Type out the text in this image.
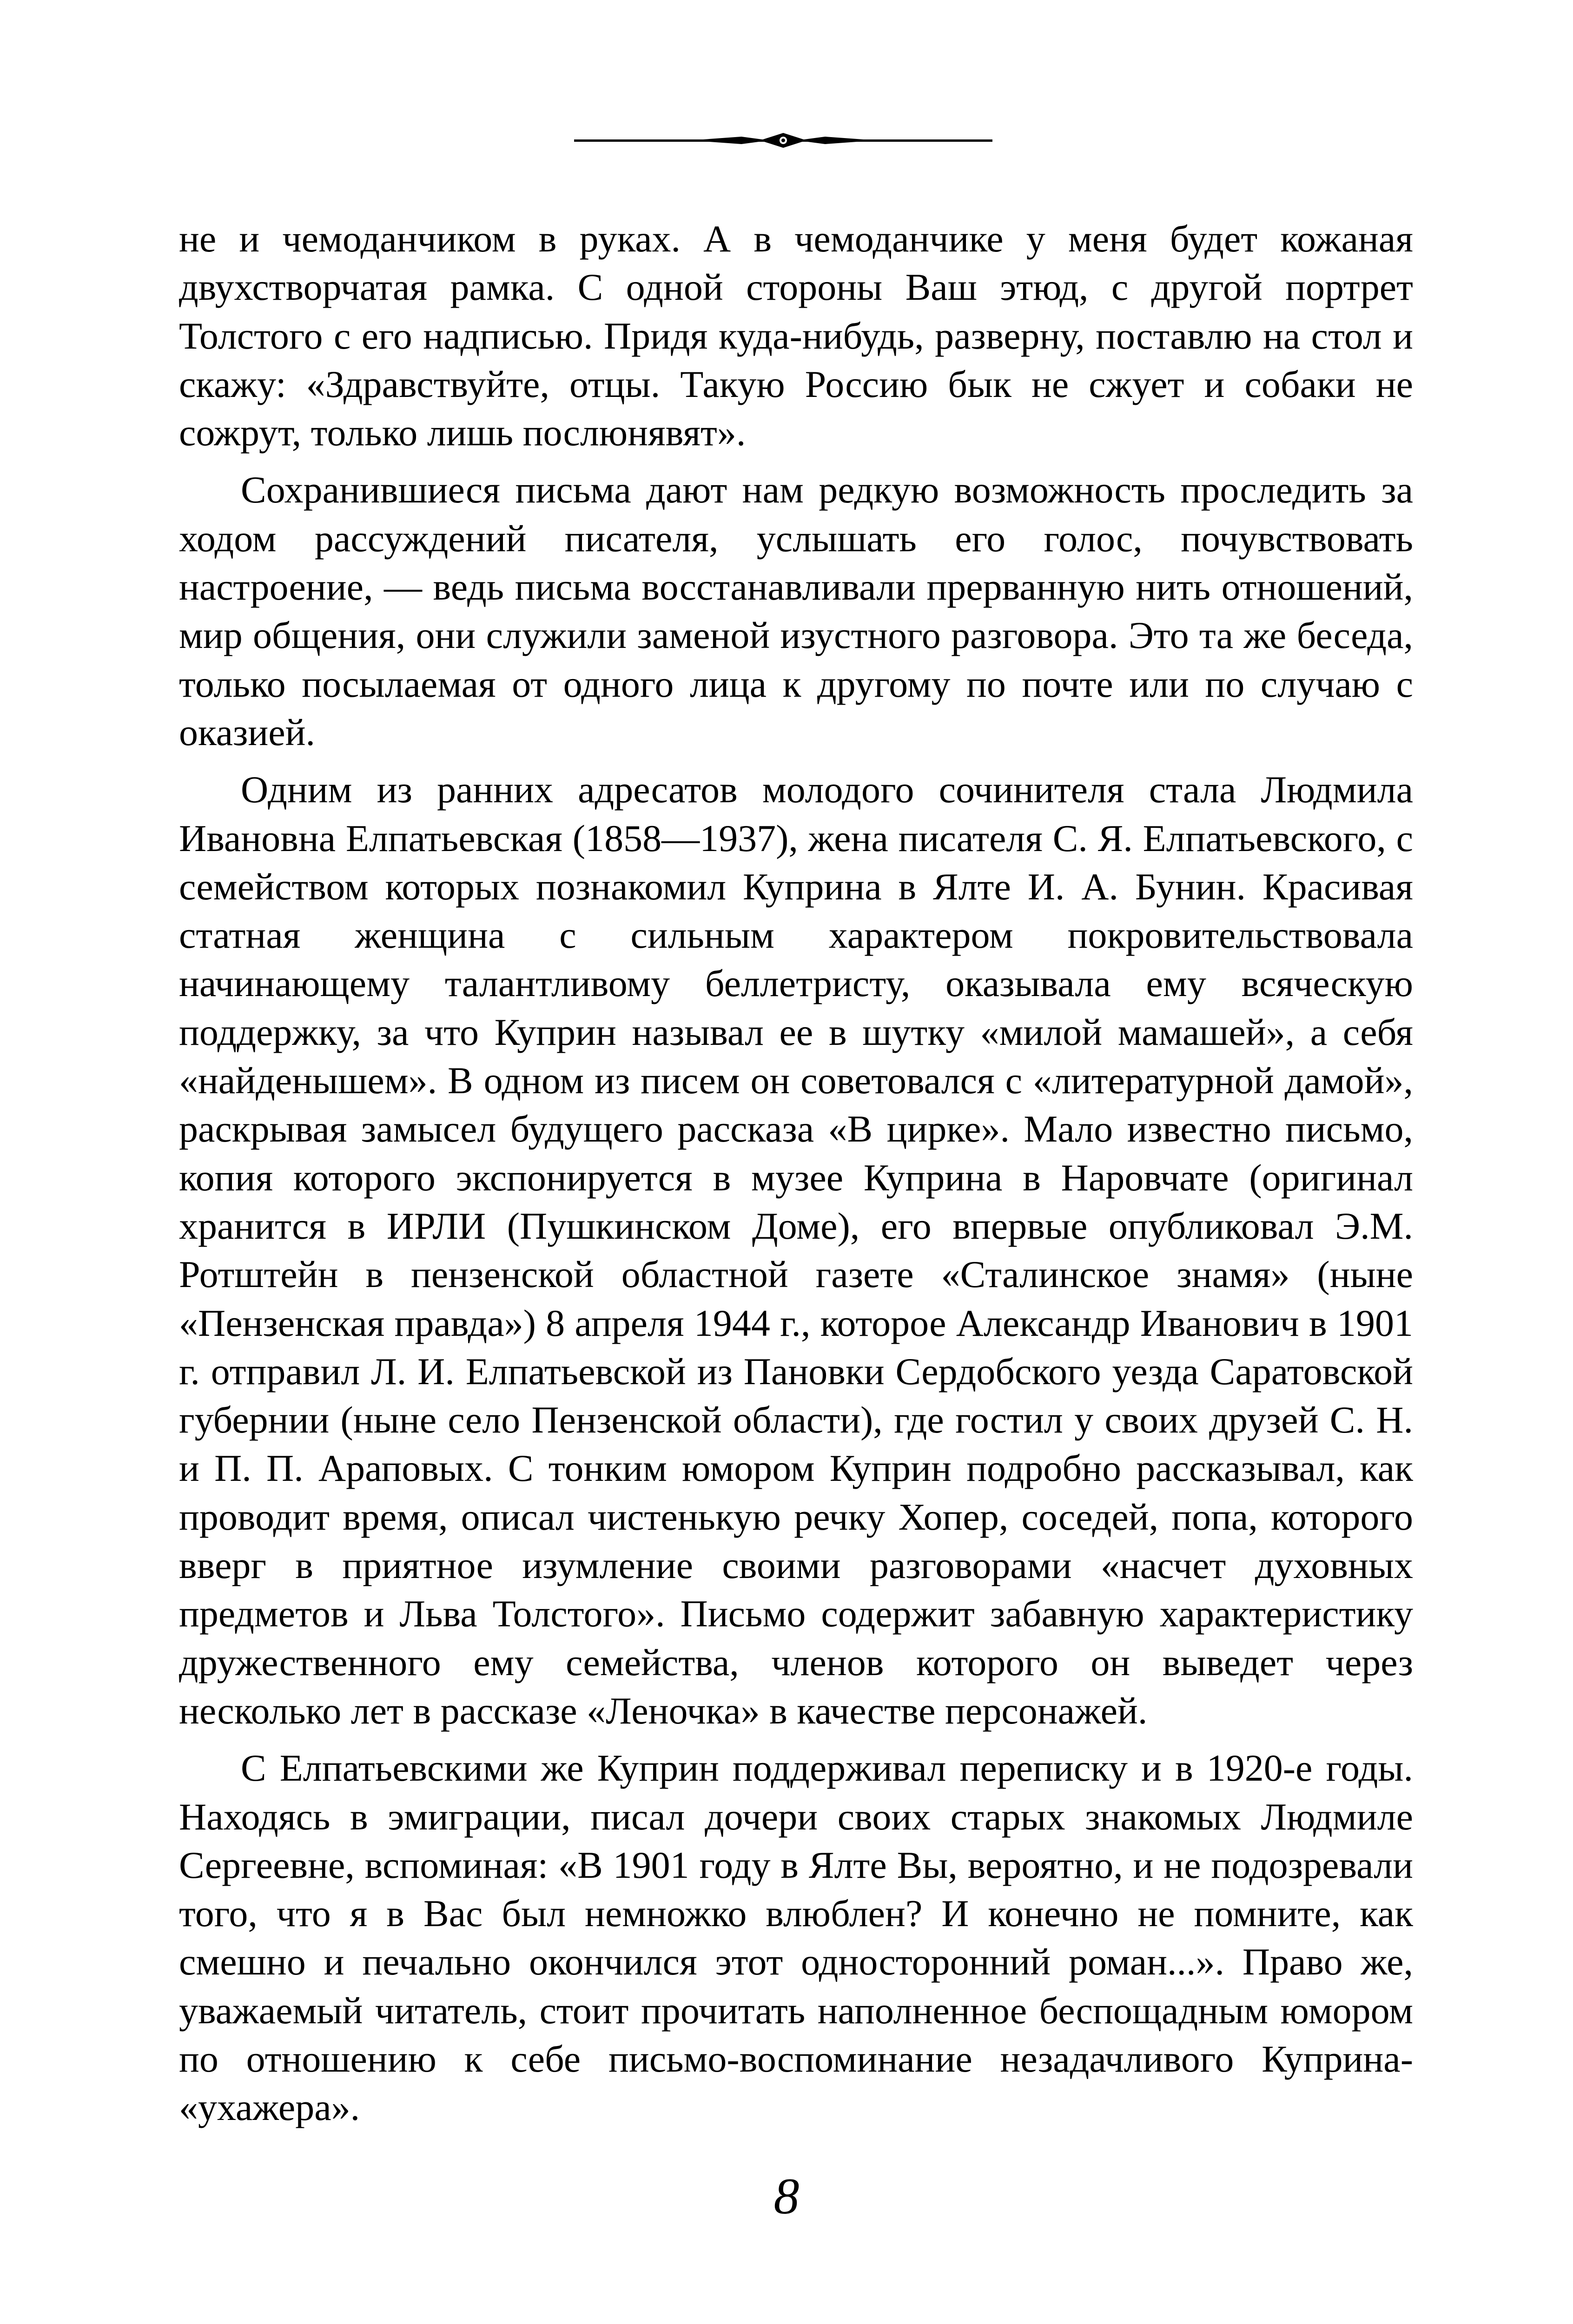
не и чемоданчиком в руках. А в чемоданчике у меня будет кожаная двухстворчатая рамка. С одной стороны Ваш этюд, с другой портрет Толстого с его надписью. Придя куда-нибудь, разверну, поставлю на стол и скажу: «Здравствуйте, отцы. Такую Россию бык не сжует и собаки не сожрут, только лишь послюнявят».

Сохранившиеся письма дают нам редкую возможность проследить за ходом рассуждений писателя, услышать его голос, почувствовать настроение, — ведь письма восстанавливали прерванную нить отношений, мир общения, они служили заменой изустного разговора. Это та же беседа, только посылаемая от одного лица к другому по почте или по случаю с оказией.

Одним из ранних адресатов молодого сочинителя стала Людмила Ивановна Елпатьевская (1858—1937), жена писателя С. Я. Елпатьевского, с семейством которых познакомил Куприна в Ялте И. А. Бунин. Красивая статная женщина с сильным характером покровительствовала начинающему талантливому беллетристу, оказывала ему всяческую поддержку, за что Куприн называл ее в шутку «милой мамашей», а себя «найденышем». В одном из писем он советовался с «литературной дамой», раскрывая замысел будущего рассказа «В цирке». Мало известно письмо, копия которого экспонируется в музее Куприна в Наровчате (оригинал хранится в ИРЛИ (Пушкинском Доме), его впервые опубликовал Э.М. Ротштейн в пензенской областной газете «Сталинское знамя» (ныне «Пензенская правда») 8 апреля 1944 г., которое Александр Иванович в 1901 г. отправил Л. И. Елпатьевской из Пановки Сердобского уезда Саратовской губернии (ныне село Пензенской области), где гостил у своих друзей С. Н. и П. П. Араповых. С тонким юмором Куприн подробно рассказывал, как проводит время, описал чистенькую речку Хопер, соседей, попа, которого вверг в приятное изумление своими разговорами «насчет духовных предметов и Льва Толстого». Письмо содержит забавную характеристику дружественного ему семейства, членов которого он выведет через несколько лет в рассказе «Леночка» в качестве персонажей.

С Елпатьевскими же Куприн поддерживал переписку и в 1920-е годы. Находясь в эмиграции, писал дочери своих старых знакомых Людмиле Сергеевне, вспоминая: «В 1901 году в Ялте Вы, вероятно, и не подозревали того, что я в Вас был немножко влюблен? И конечно не помните, как смешно и печально окончился этот односторонний роман...». Право же, уважаемый читатель, стоит прочитать наполненное беспощадным юмором по отношению к себе письмо-воспоминание незадачливого Куприна- «ухажера».

8
